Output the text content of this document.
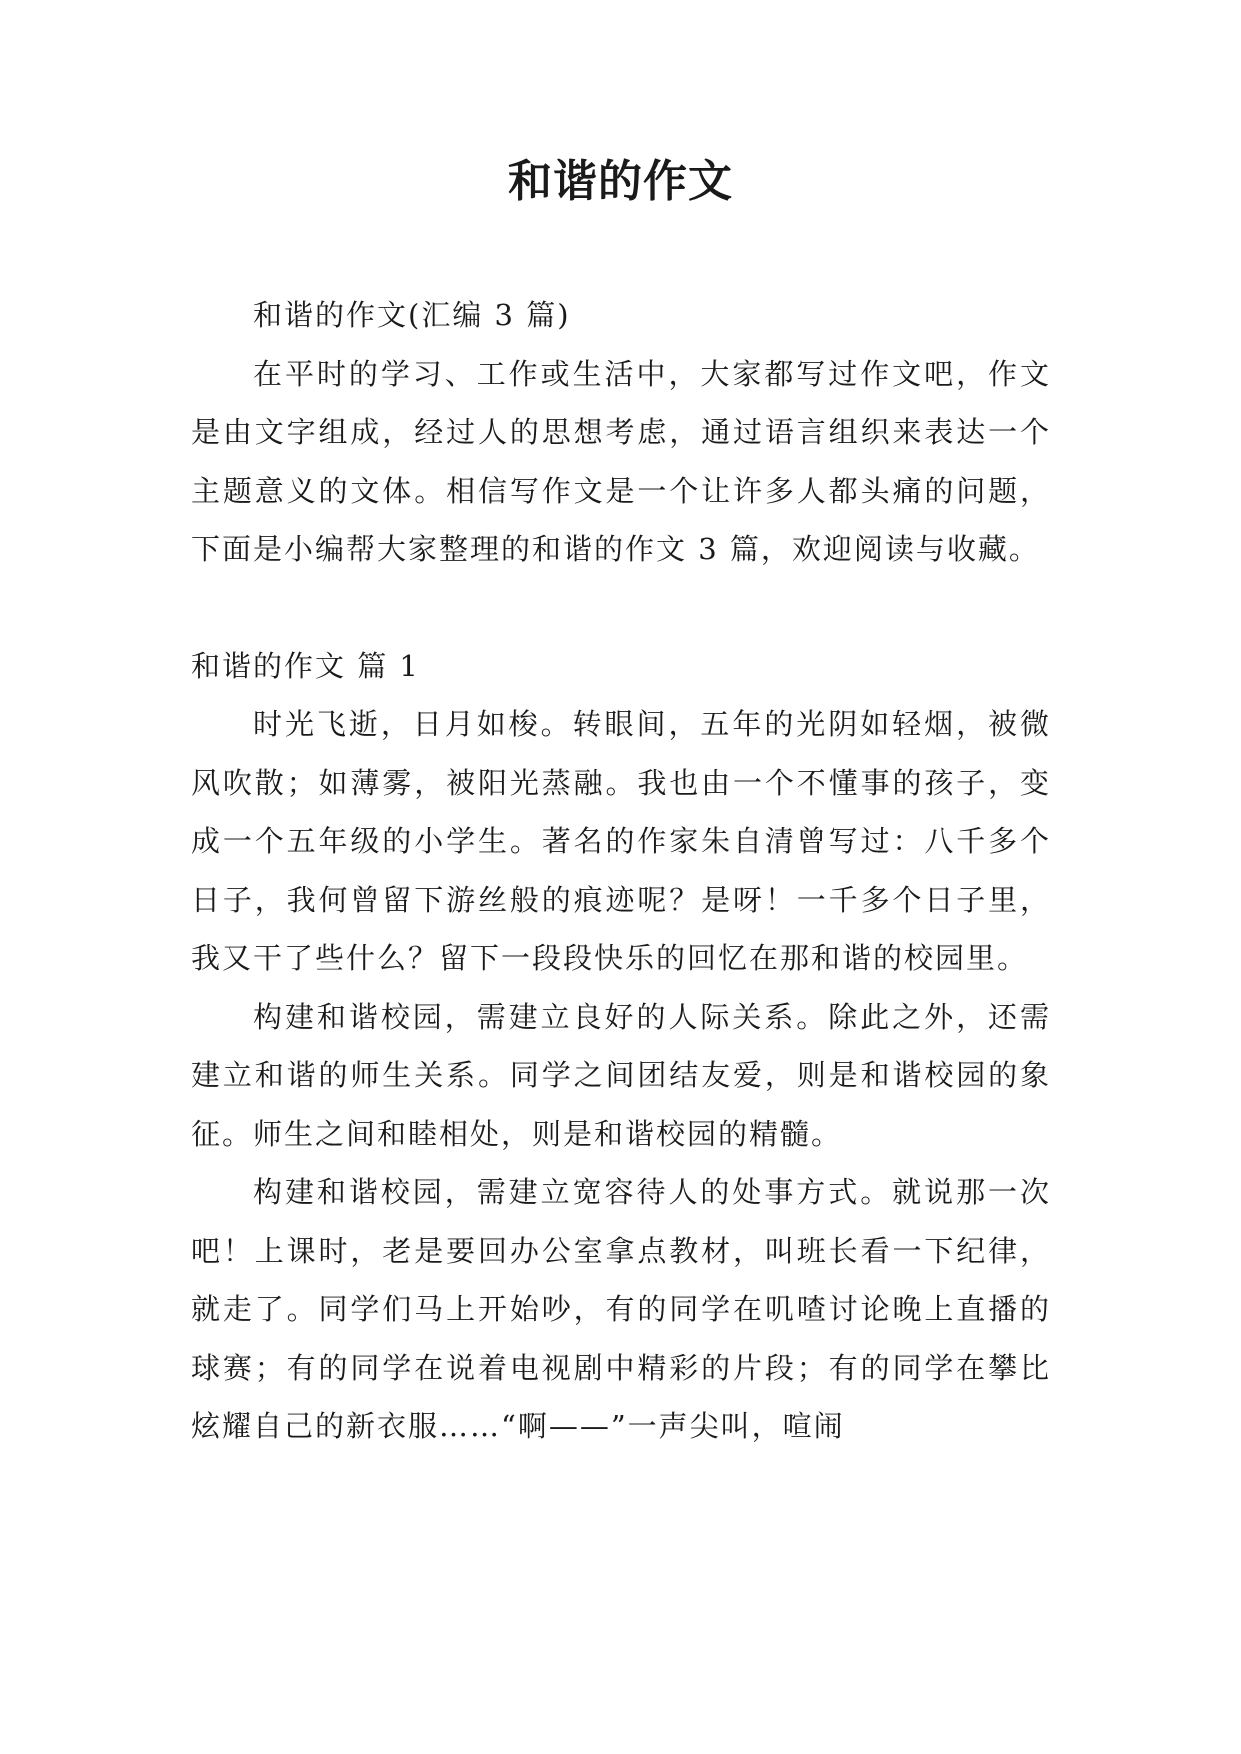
和谐的作文

和谐的作文(汇编 3 篇)

在平时的学习、工作或生活中，大家都写过作文吧，作文是由文字组成，经过人的思想考虑，通过语言组织来表达一个主题意义的文体。相信写作文是一个让许多人都头痛的问题，下面是小编帮大家整理的和谐的作文 3 篇，欢迎阅读与收藏。

和谐的作文 篇 1

时光飞逝，日月如梭。转眼间，五年的光阴如轻烟，被微风吹散；如薄雾，被阳光蒸融。我也由一个不懂事的孩子，变成一个五年级的小学生。著名的作家朱自清曾写过：八千多个日子，我何曾留下游丝般的痕迹呢？是呀！一千多个日子里，我又干了些什么？留下一段段快乐的回忆在那和谐的校园里。

构建和谐校园，需建立良好的人际关系。除此之外，还需建立和谐的师生关系。同学之间团结友爱，则是和谐校园的象征。师生之间和睦相处，则是和谐校园的精髓。

构建和谐校园，需建立宽容待人的处事方式。就说那一次吧！上课时，老是要回办公室拿点教材，叫班长看一下纪律，就走了。同学们马上开始吵，有的同学在叽喳讨论晚上直播的球赛；有的同学在说着电视剧中精彩的片段；有的同学在攀比炫耀自己的新衣服……“啊——”一声尖叫，喧闹
